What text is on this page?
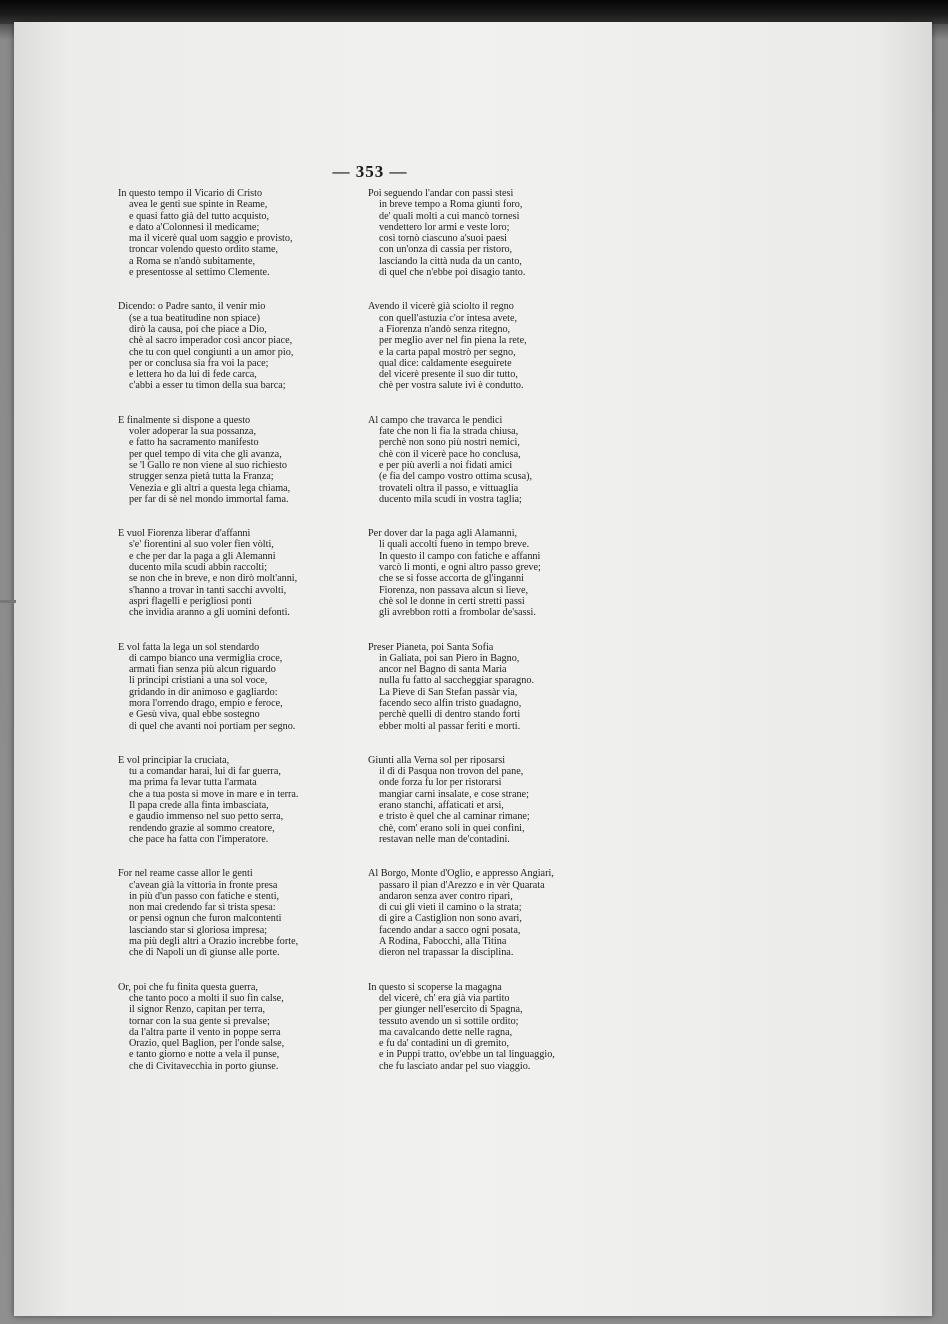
— 353 —
In questo tempo il Vicario di Cristo
avea le genti sue spinte in Reame,
e quasi fatto già del tutto acquisto,
e dato a'Colonnesi il medicame;
ma il vicerè qual uom saggio e provisto,
troncar volendo questo ordito stame,
a Roma se n'andò subitamente,
e presentosse al settimo Clemente.
Dicendo: o Padre santo, il venir mio
(se a tua beatitudine non spiace)
dirò la causa, poi che piace a Dio,
chè al sacro imperador così ancor piace,
che tu con quel congiunti a un amor pio,
per or conclusa sia fra voi la pace;
e lettera ho da lui di fede carca,
c'abbi a esser tu timon della sua barca;
E finalmente si dispone a questo
voler adoperar la sua possanza,
e fatto ha sacramento manifesto
per quel tempo di vita che gli avanza,
se 'l Gallo re non viene al suo richiesto
strugger senza pietà tutta la Franza;
Venezia e gli altri a questa lega chiama,
per far di sè nel mondo immortal fama.
E vuol Fiorenza liberar d'affanni
s'e' fiorentini al suo voler fien vòlti,
e che per dar la paga a gli Alemanni
ducento mila scudi abbin raccolti;
se non che in breve, e non dirò molt'anni,
s'hanno a trovar in tanti sacchi avvolti,
aspri flagelli e perigliosi ponti
che invidia aranno a gli uomini defonti.
E vol fatta la lega un sol stendardo
di campo bianco una vermiglia croce,
armati fian senza più alcun riguardo
li principi cristiani a una sol voce,
gridando in dir animoso e gagliardo:
mora l'orrendo drago, empio e feroce,
e Gesù viva, qual ebbe sostegno
di quel che avanti noi portiam per segno.
E vol principiar la cruciata,
tu a comandar harai, lui di far guerra,
ma prima fa levar tutta l'armata
che a tua posta si move in mare e in terra.
Il papa crede alla finta imbasciata,
e gaudio immenso nel suo petto serra,
rendendo grazie al sommo creatore,
che pace ha fatta con l'imperatore.
For nel reame casse allor le genti
c'avean già la vittoria in fronte presa
in più d'un passo con fatiche e stenti,
non mai credendo far sì trista spesa:
or pensi ognun che furon malcontenti
lasciando star sì gloriosa impresa;
ma più degli altri a Orazio increbbe forte,
che di Napoli un dì giunse alle porte.
Or, poi che fu finita questa guerra,
che tanto poco a molti il suo fin calse,
il signor Renzo, capitan per terra,
tornar con la sua gente si prevalse;
da l'altra parte il vento in poppe serra
Orazio, quel Baglion, per l'onde salse,
e tanto giorno e notte a vela il punse,
che di Civitavecchia in porto giunse.
Poi seguendo l'andar con passi stesi
in breve tempo a Roma giunti foro,
de' quali molti a cui mancò tornesi
vendettero lor armi e veste loro;
così tornò ciascuno a'suoi paesi
con un'onza di cassia per ristoro,
lasciando la città nuda da un canto,
di quel che n'ebbe poi disagio tanto.
Avendo il vicerè già sciolto il regno
con quell'astuzia c'or intesa avete,
a Fiorenza n'andò senza ritegno,
per meglio aver nel fin piena la rete,
e la carta papal mostrò per segno,
qual dice: caldamente eseguirete
del vicerè presente il suo dir tutto,
chè per vostra salute ivi è condutto.
Al campo che travarca le pendici
fate che non li fia la strada chiusa,
perchè non sono più nostri nemici,
chè con il vicerè pace ho conclusa,
e per più averli a noi fidati amici
(e fia del campo vostro ottima scusa),
trovateli oltra il passo, e vittuaglia
ducento mila scudi in vostra taglia;
Per dover dar la paga agli Alamanni,
li quali accolti fueno in tempo breve.
In questo il campo con fatiche e affanni
varcò li monti, e ogni altro passo greve;
che se si fosse accorta de gl'inganni
Fiorenza, non passava alcun sì lieve,
chè sol le donne in certi stretti passi
gli avrebbon rotti a frombolar de'sassi.
Preser Pianeta, poi Santa Sofia
in Galiata, poi san Piero in Bagno,
ancor nel Bagno di santa Maria
nulla fu fatto al saccheggiar sparagno.
La Pieve di San Stefan passàr via,
facendo seco alfin tristo guadagno,
perchè quelli di dentro stando forti
ebber molti al passar feriti e morti.
Giunti alla Verna sol per riposarsi
il dì di Pasqua non trovon del pane,
onde forza fu lor per ristorarsi
mangiar carni insalate, e cose strane;
erano stanchi, affaticati et arsi,
e tristo è quel che al caminar rimane;
chè, com' erano soli in quei confini,
restavan nelle man de'contadini.
Al Borgo, Monte d'Oglio, e appresso Angiari,
passaro il pian d'Arezzo e in vèr Quarata
andaron senza aver contro ripari,
di cui gli vieti il camino o la strata;
di gire a Castiglion non sono avari,
facendo andar a sacco ogni posata,
A Rodina, Fabocchi, alla Titina
dieron nel trapassar la disciplina.
In questo si scoperse la magagna
del vicerè, ch' era già via partito
per giunger nell'esercito di Spagna,
tessuto avendo un sì sottile ordito;
ma cavalcando dette nelle ragna,
e fu da' contadini un dì gremito,
e in Puppi tratto, ov'ebbe un tal linguaggio,
che fu lasciato andar pel suo viaggio.
